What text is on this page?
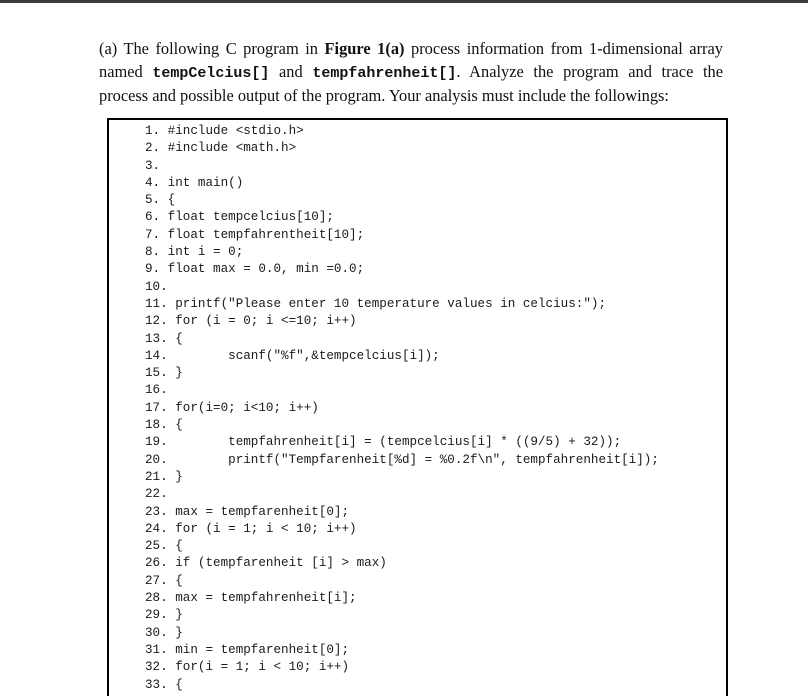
(a) The following C program in Figure 1(a) process information from 1-dimensional array named tempCelcius[] and tempfahrenheit[]. Analyze the program and trace the process and possible output of the program. Your analysis must include the followings:

1. #include <stdio.h>
2. #include <math.h>
3.
4. int main()
5. {
6. float tempcelcius[10];
7. float tempfahrentheit[10];
8. int i = 0;
9. float max = 0.0, min =0.0;
10.
11. printf("Please enter 10 temperature values in celcius:");
12. for (i = 0; i <=10; i++)
13. {
14.        scanf("%f",&tempcelcius[i]);
15. }
16.
17. for(i=0; i<10; i++)
18. {
19.        tempfahrenheit[i] = (tempcelcius[i] * ((9/5) + 32));
20.        printf("Tempfarenheit[%d] = %0.2f\n", tempfahrenheit[i]);
21. }
22.
23. max = tempfarenheit[0];
24. for (i = 1; i < 10; i++)
25. {
26. if (tempfarenheit [i] > max)
27. {
28. max = tempfahrenheit[i];
29. }
30. }
31. min = tempfarenheit[0];
32. for(i = 1; i < 10; i++)
33. {
